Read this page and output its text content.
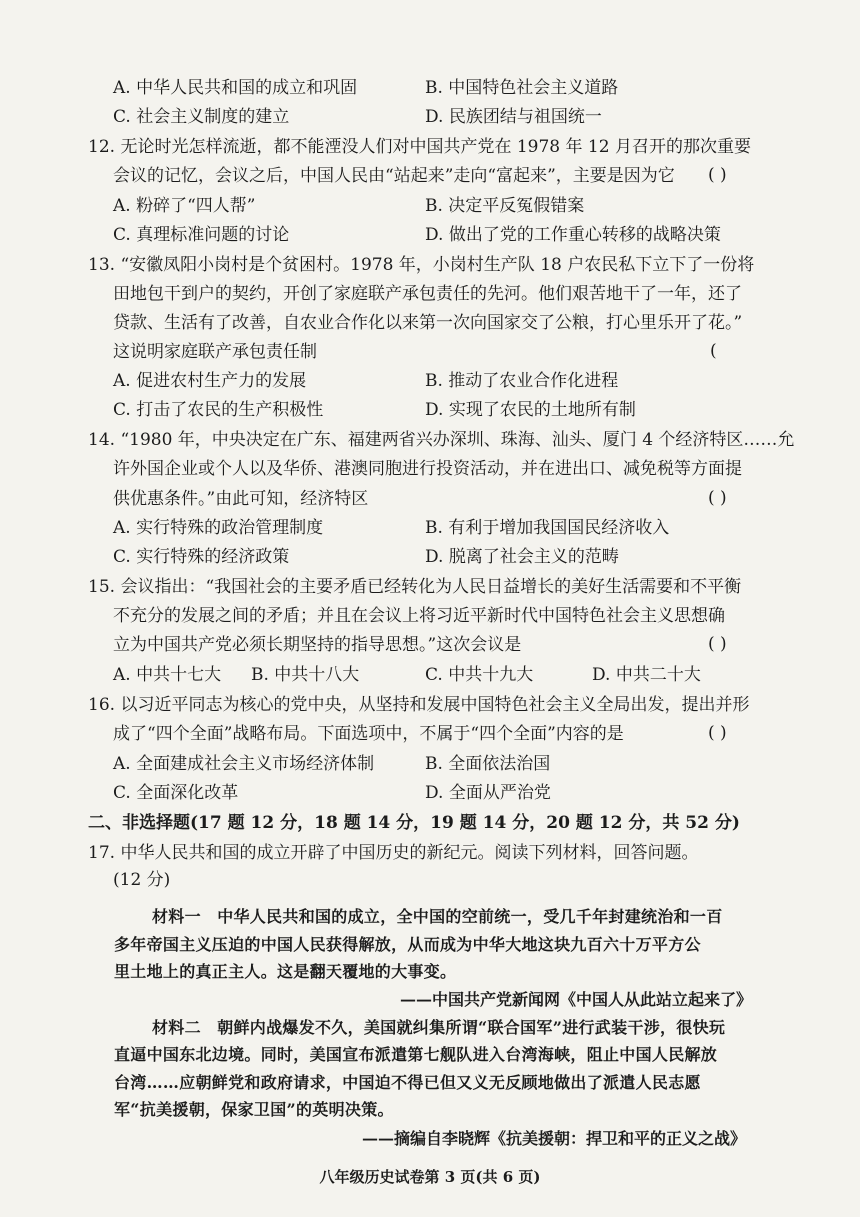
A. 中华人民共和国的成立和巩固	B. 中国特色社会主义道路
C. 社会主义制度的建立	D. 民族团结与祖国统一
12. 无论时光怎样流逝，都不能湮没人们对中国共产党在 1978 年 12 月召开的那次重要
会议的记忆，会议之后，中国人民由“站起来”走向“富起来”，主要是因为它 ( )
A. 粉碎了“四人帮”	B. 决定平反冤假错案
C. 真理标准问题的讨论	D. 做出了党的工作重心转移的战略决策
13. “安徽凤阳小岗村是个贫困村。1978 年，小岗村生产队 18 户农民私下立下了一份将
田地包干到户的契约，开创了家庭联产承包责任的先河。他们艰苦地干了一年，还了
贷款、生活有了改善，自农业合作化以来第一次向国家交了公粮，打心里乐开了花。”
这说明家庭联产承包责任制	(
A. 促进农村生产力的发展	B. 推动了农业合作化进程
C. 打击了农民的生产积极性	D. 实现了农民的土地所有制
14. “1980 年，中央决定在广东、福建两省兴办深圳、珠海、汕头、厦门 4 个经济特区……允
许外国企业或个人以及华侨、港澳同胞进行投资活动，并在进出口、减免税等方面提
供优惠条件。”由此可知，经济特区	( )
A. 实行特殊的政治管理制度	B. 有利于增加我国国民经济收入
C. 实行特殊的经济政策	D. 脱离了社会主义的范畴
15. 会议指出：“我国社会的主要矛盾已经转化为人民日益增长的美好生活需要和不平衡
不充分的发展之间的矛盾；并且在会议上将习近平新时代中国特色社会主义思想确
立为中国共产党必须长期坚持的指导思想。”这次会议是	( )
A. 中共十七大 B. 中共十八大	C. 中共十九大	D. 中共二十大
16. 以习近平同志为核心的党中央，从坚持和发展中国特色社会主义全局出发，提出并形
成了“四个全面”战略布局。下面选项中，不属于“四个全面”内容的是	( )
A. 全面建成社会主义市场经济体制	B. 全面依法治国
C. 全面深化改革	D. 全面从严治党
二、非选择题(17 题 12 分，18 题 14 分，19 题 14 分，20 题 12 分，共 52 分)
17. 中华人民共和国的成立开辟了中国历史的新纪元。阅读下列材料，回答问题。
(12 分)
材料一　中华人民共和国的成立，全中国的空前统一，受几千年封建统治和一百
多年帝国主义压迫的中国人民获得解放，从而成为中华大地这块九百六十万平方公
里土地上的真正主人。这是翻天覆地的大事变。
——中国共产党新闻网《中国人从此站立起来了》
材料二　朝鲜内战爆发不久，美国就纠集所谓“联合国军”进行武装干涉，很快玩
直逼中国东北边境。同时，美国宣布派遣第七舰队进入台湾海峡，阻止中国人民解放
台湾……应朝鲜党和政府请求，中国迫不得已但又义无反顾地做出了派遣人民志愿
军“抗美援朝，保家卫国”的英明决策。
——摘编自李晓辉《抗美援朝：捍卫和平的正义之战》
八年级历史试卷第 3 页(共 6 页)
